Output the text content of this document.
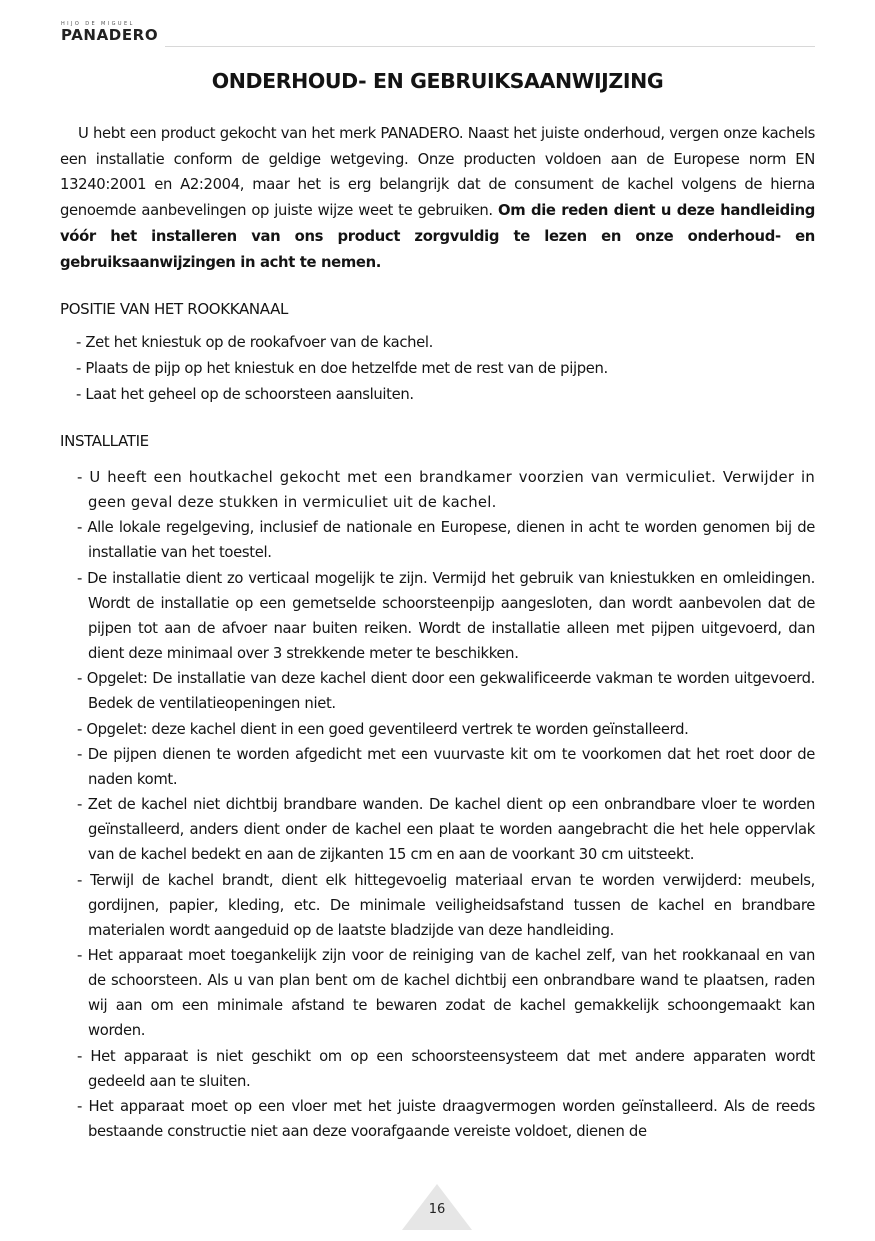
HIJO DE MIGUEL
PANADERO
ONDERHOUD- EN GEBRUIKSAANWIJZING

U hebt een product gekocht van het merk PANADERO. Naast het juiste onderhoud, vergen onze kachels een installatie conform de geldige wetgeving. Onze producten voldoen aan de Europese norm EN 13240:2001 en A2:2004, maar het is erg belangrijk dat de consument de kachel volgens de hierna genoemde aanbevelingen op juiste wijze weet te gebruiken. Om die reden dient u deze handleiding vóór het installeren van ons product zorgvuldig te lezen en onze onderhoud- en gebruiksaanwijzingen in acht te nemen.

POSITIE VAN HET ROOKKANAAL
- Zet het kniestuk op de rookafvoer van de kachel.
- Plaats de pijp op het kniestuk en doe hetzelfde met de rest van de pijpen.
- Laat het geheel op de schoorsteen aansluiten.
INSTALLATIE
- U heeft een houtkachel gekocht met een brandkamer voorzien van vermiculiet. Verwijder in geen geval deze stukken in vermiculiet uit de kachel.
- Alle lokale regelgeving, inclusief de nationale en Europese, dienen in acht te worden genomen bij de installatie van het toestel.
- De installatie dient zo verticaal mogelijk te zijn. Vermijd het gebruik van kniestukken en omleidingen. Wordt de installatie op een gemetselde schoorsteenpijp aangesloten, dan wordt aanbevolen dat de pijpen tot aan de afvoer naar buiten reiken. Wordt de installatie alleen met pijpen uitgevoerd, dan dient deze minimaal over 3 strekkende meter te beschikken.
- Opgelet: De installatie van deze kachel dient door een gekwalificeerde vakman te worden uitgevoerd. Bedek de ventilatieopeningen niet.
- Opgelet: deze kachel dient in een goed geventileerd vertrek te worden geïnstalleerd.
- De pijpen dienen te worden afgedicht met een vuurvaste kit om te voorkomen dat het roet door de naden komt.
- Zet de kachel niet dichtbij brandbare wanden. De kachel dient op een onbrandbare vloer te worden geïnstalleerd, anders dient onder de kachel een plaat te worden aangebracht die het hele oppervlak van de kachel bedekt en aan de zijkanten 15 cm en aan de voorkant 30 cm uitsteekt.
- Terwijl de kachel brandt, dient elk hittegevoelig materiaal ervan te worden verwijderd: meubels, gordijnen, papier, kleding, etc. De minimale veiligheidsafstand tussen de kachel en brandbare materialen wordt aangeduid op de laatste bladzijde van deze handleiding.
- Het apparaat moet toegankelijk zijn voor de reiniging van de kachel zelf, van het rookkanaal en van de schoorsteen. Als u van plan bent om de kachel dichtbij een onbrandbare wand te plaatsen, raden wij aan om een minimale afstand te bewaren zodat de kachel gemakkelijk schoongemaakt kan worden.
- Het apparaat is niet geschikt om op een schoorsteensysteem dat met andere apparaten wordt gedeeld aan te sluiten.
- Het apparaat moet op een vloer met het juiste draagvermogen worden geïnstalleerd. Als de reeds bestaande constructie niet aan deze voorafgaande vereiste voldoet, dienen de
16
